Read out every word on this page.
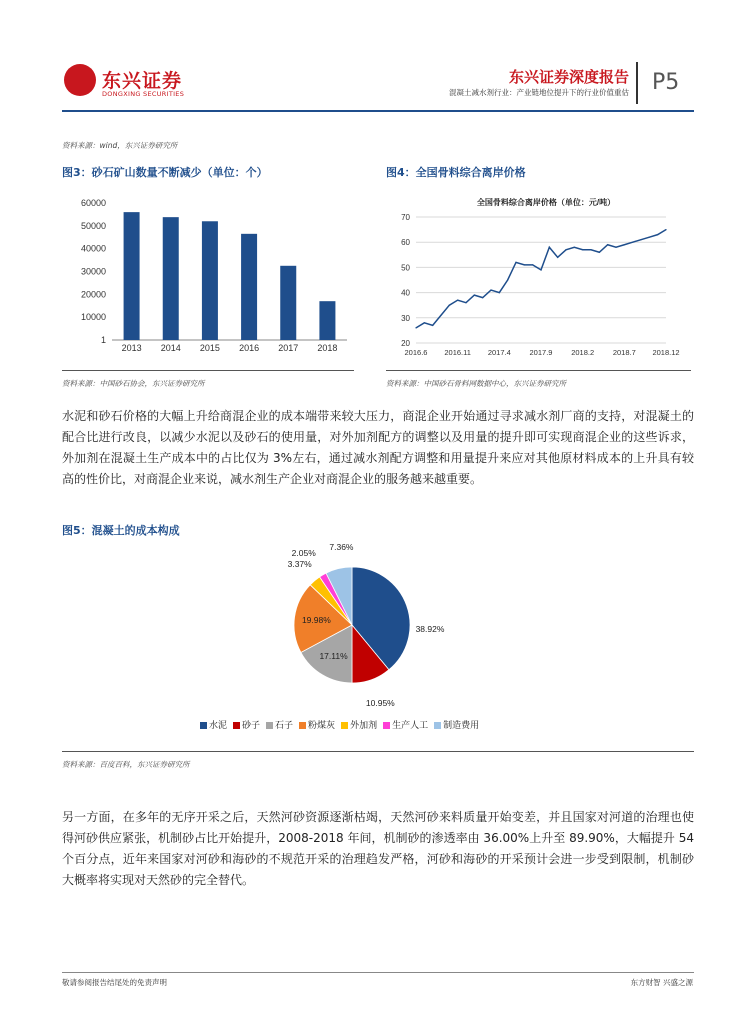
东兴证券
DONGXING SECURITIES
东兴证券深度报告
混凝土减水剂行业：产业链地位提升下的行业价值重估 P5
资料来源：wind，东兴证券研究所
图3：砂石矿山数量不断减少（单位：个）
1
10000
20000
30000
40000
50000
60000
2013 2014 2015 2016 2017 2018
资料来源：中国砂石协会，东兴证券研究所
图4：全国骨料综合离岸价格
全国骨料综合离岸价格（单位：元/吨）
20
30
40
50
60
70
2016.6 2016.11 2017.4 2017.9 2018.2 2018.7 2018.12
资料来源：中国砂石骨料网数据中心，东兴证券研究所

水泥和砂石价格的大幅上升给商混企业的成本端带来较大压力，商混企业开始通过寻求减水剂厂商的支持，对混凝土的配合比进行改良，以减少水泥以及砂石的使用量，对外加剂配方的调整以及用量的提升即可实现商混企业的这些诉求，外加剂在混凝土生产成本中的占比仅为 3%左右，通过减水剂配方调整和用量提升来应对其他原材料成本的上升具有较高的性价比，对商混企业来说，减水剂生产企业对商混企业的服务越来越重要。

图5：混凝土的成本构成
38.92%
10.95%
17.11%
19.98%
3.37%
2.05%
7.36%
水泥 砂子 石子 粉煤灰 外加剂 生产人工 制造费用
资料来源：百度百科，东兴证券研究所

另一方面，在多年的无序开采之后，天然河砂资源逐渐枯竭，天然河砂来料质量开始变差，并且国家对河道的治理也使得河砂供应紧张，机制砂占比开始提升，2008-2018 年间，机制砂的渗透率由 36.00%上升至 89.90%，大幅提升 54 个百分点，近年来国家对河砂和海砂的不规范开采的治理趋发严格，河砂和海砂的开采预计会进一步受到限制，机制砂大概率将实现对天然砂的完全替代。

敬请参阅报告结尾处的免责声明	东方财智 兴盛之源
